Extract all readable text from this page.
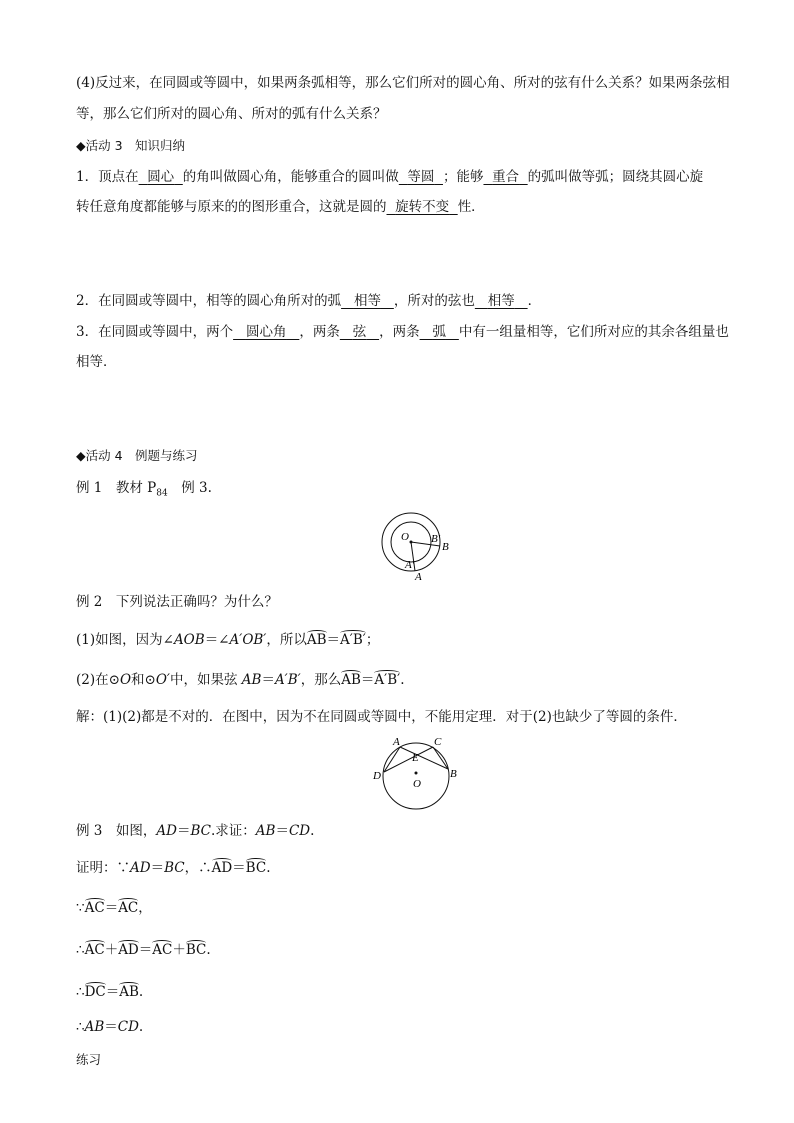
(4)反过来，在同圆或等圆中，如果两条弧相等，那么它们所对的圆心角、所对的弦有什么关系？如果两条弦相
等，那么它们所对的圆心角、所对的弧有什么关系？
◆活动 3　知识归纳
1．顶点在 圆心 的角叫做圆心角，能够重合的圆叫做 等圆 ；能够 重合 的弧叫做等弧；圆绕其圆心旋
转任意角度都能够与原来的的图形重合，这就是圆的 旋转不变 性．
2．在同圆或等圆中，相等的圆心角所对的弧 相等 ，所对的弦也 相等 ．
3．在同圆或等圆中，两个 圆心角 ，两条 弦 ，两条 弧 中有一组量相等，它们所对应的其余各组量也
相等．
◆活动 4　例题与练习
例 1　教材 $P_{84}$　例 3.
O B′
B
A′
A
例 2　下列说法正确吗？为什么？
(1)如图，因为∠AOB＝∠A′OB′，所以AB＝A′B′；
(2)在⊙O和⊙O′中，如果弦 AB＝A′B′，那么AB＝A′B′.
解：(1)(2)都是不对的．在图中，因为不在同圆或等圆中，不能用定理．对于(2)也缺少了等圆的条件．
A	C
E
D	B
O
例 3　如图，AD＝BC.求证：AB＝CD.
证明：∵AD＝BC，∴AD＝BC.
∵AC＝AC，
∴AC＋AD＝AC＋BC.
∴DC＝AB.
∴AB＝CD.
练习
